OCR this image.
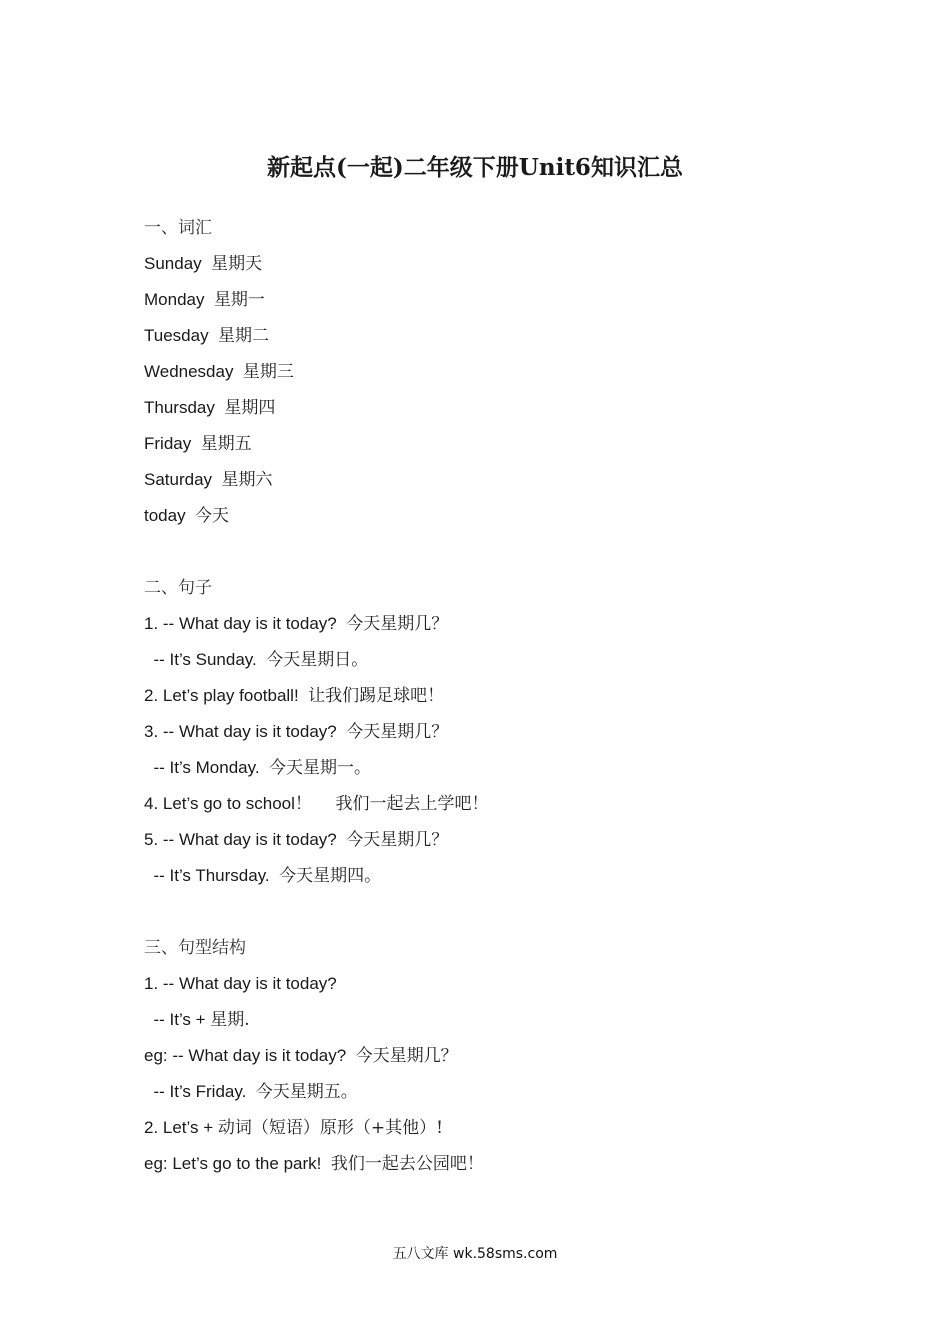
新起点(一起)二年级下册Unit6知识汇总
一、词汇
Sunday 星期天
Monday 星期一
Tuesday 星期二
Wednesday 星期三
Thursday 星期四
Friday 星期五
Saturday 星期六
today 今天
二、句子
1. -- What day is it today? 今天星期几？
-- It’s Sunday. 今天星期日。
2. Let’s play football! 让我们踢足球吧！
3. -- What day is it today? 今天星期几？
-- It’s Monday. 今天星期一。
4. Let’s go to school！ 我们一起去上学吧！
5. -- What day is it today? 今天星期几？
-- It’s Thursday. 今天星期四。
三、句型结构
1. -- What day is it today?
-- It’s + 星期.
eg: -- What day is it today? 今天星期几？
-- It’s Friday. 今天星期五。
2. Let’s + 动词（短语）原形（+其他）!
eg: Let’s go to the park! 我们一起去公园吧！
五八文库 wk.58sms.com
